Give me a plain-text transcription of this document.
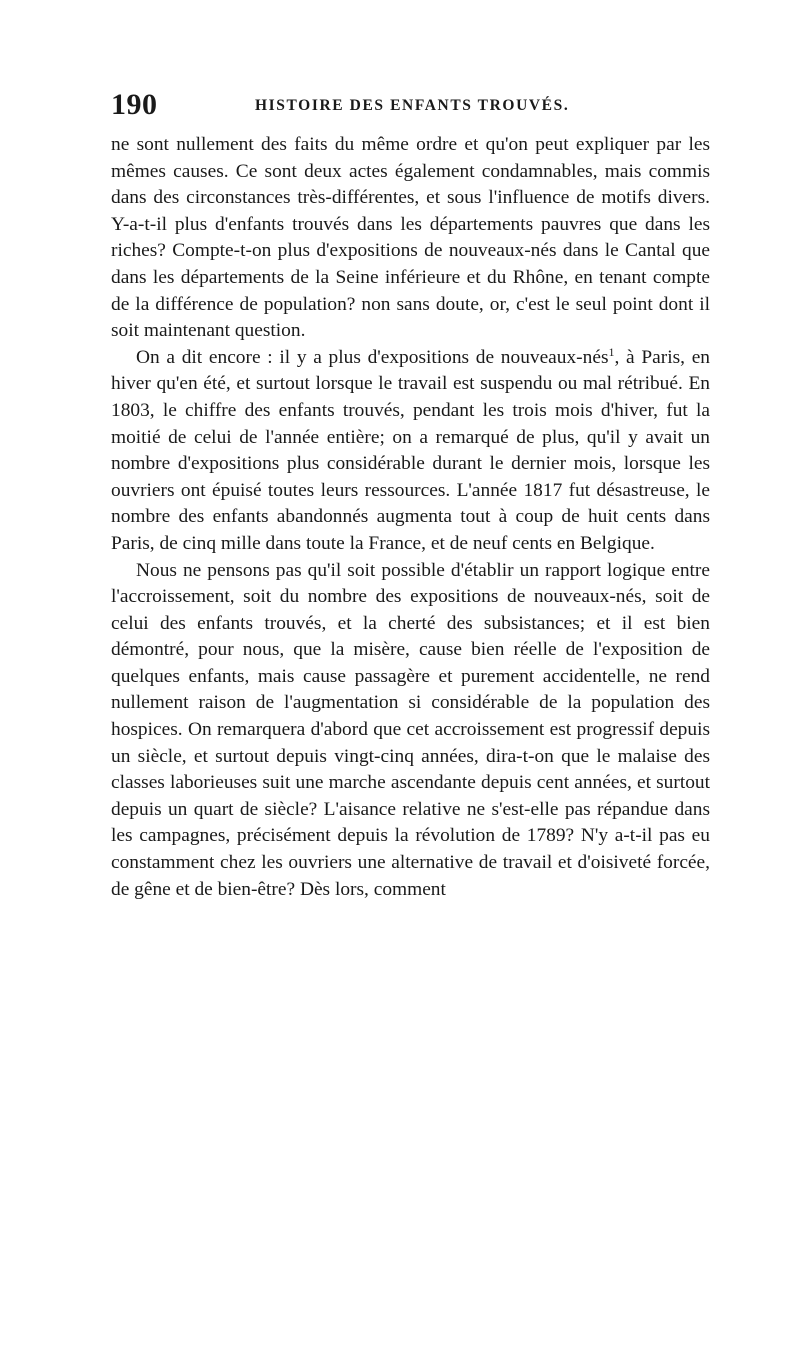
190	HISTOIRE DES ENFANTS TROUVÉS.

ne sont nullement des faits du même ordre et qu'on peut expliquer par les mêmes causes. Ce sont deux actes également condamnables, mais commis dans des circonstances très-différentes, et sous l'influence de motifs divers. Y-a-t-il plus d'enfants trouvés dans les départements pauvres que dans les riches? Compte-t-on plus d'expositions de nouveaux-nés dans le Cantal que dans les départements de la Seine inférieure et du Rhône, en tenant compte de la différence de population? non sans doute, or, c'est le seul point dont il soit maintenant question.

On a dit encore : il y a plus d'expositions de nouveaux-nés$^1$, à Paris, en hiver qu'en été, et surtout lorsque le travail est suspendu ou mal rétribué. En 1803, le chiffre des enfants trouvés, pendant les trois mois d'hiver, fut la moitié de celui de l'année entière; on a remarqué de plus, qu'il y avait un nombre d'expositions plus considérable durant le dernier mois, lorsque les ouvriers ont épuisé toutes leurs ressources. L'année 1817 fut désastreuse, le nombre des enfants abandonnés augmenta tout à coup de huit cents dans Paris, de cinq mille dans toute la France, et de neuf cents en Belgique.

Nous ne pensons pas qu'il soit possible d'établir un rapport logique entre l'accroissement, soit du nombre des expositions de nouveaux-nés, soit de celui des enfants trouvés, et la cherté des subsistances; et il est bien démontré, pour nous, que la misère, cause bien réelle de l'exposition de quelques enfants, mais cause passagère et purement accidentelle, ne rend nullement raison de l'augmentation si considérable de la population des hospices. On remarquera d'abord que cet accroissement est progressif depuis un siècle, et surtout depuis vingt-cinq années, dira-t-on que le malaise des classes laborieuses suit une marche ascendante depuis cent années, et surtout depuis un quart de siècle? L'aisance relative ne s'est-elle pas répandue dans les campagnes, précisément depuis la révolution de 1789? N'y a-t-il pas eu constamment chez les ouvriers une alternative de travail et d'oisiveté forcée, de gêne et de bien-être? Dès lors, comment
